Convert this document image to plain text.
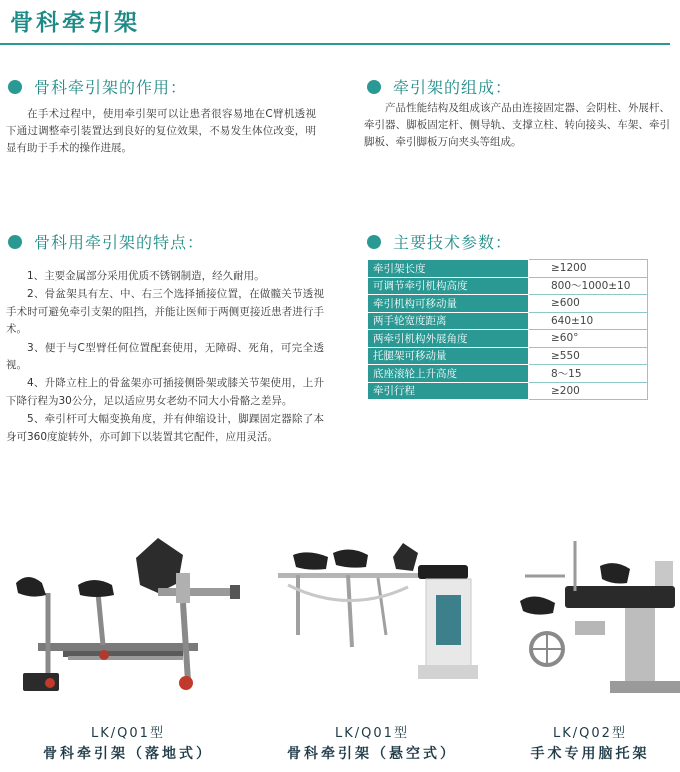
骨科牵引架
骨科牵引架的作用：

在手术过程中，使用牵引架可以让患者很容易地在C臂机透视下通过调整牵引装置达到良好的复位效果，不易发生体位改变，明显有助于手术的操作进展。

牵引架的组成：

产品性能结构及组成该产品由连接固定器、会阴柱、外展杆、牵引器、脚板固定杆、侧导轨、支撑立柱、转向接头、车架、牵引脚板、牵引脚板万向夹头等组成。

骨科用牵引架的特点：

1、主要金属部分采用优质不锈钢制造，经久耐用。

2、骨盆架具有左、中、右三个选择插接位置，在做髋关节透视手术时可避免牵引支架的阻挡，并能让医师于两侧更接近患者进行手术。

3、便于与C型臂任何位置配套使用，无障碍、死角，可完全透视。

4、升降立柱上的骨盆架亦可插接侧卧架或膝关节架使用，上升下降行程为30公分，足以适应男女老幼不同大小骨骼之差异。

5、牵引杆可大幅变换角度，并有伸缩设计，脚踝固定器除了本身可360度旋转外，亦可卸下以装置其它配件，应用灵活。

主要技术参数：
牵引架长度	≥1200
可调节牵引机构高度	800～1000±10
牵引机构可移动量	≥600
两手轮宽度距离	640±10
两牵引机构外展角度	≥60°
托腿架可移动量	≥550
底座滚轮上升高度	8～15
牵引行程	≥200
LK/Q01型
骨科牵引架（落地式）
LK/Q01型
骨科牵引架（悬空式）
LK/Q02型
手术专用脑托架
